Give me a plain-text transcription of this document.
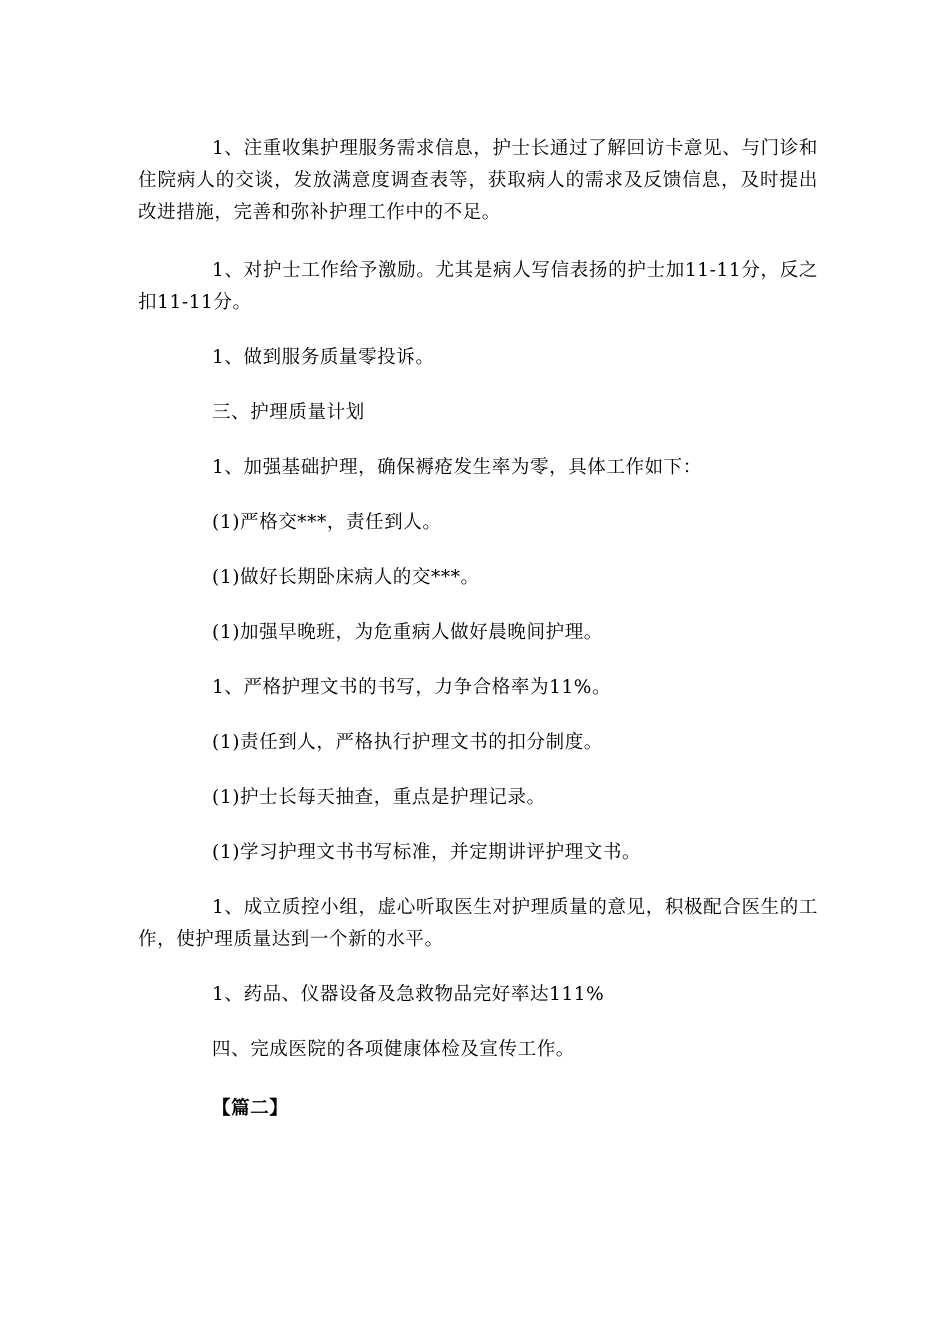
1、注重收集护理服务需求信息，护士长通过了解回访卡意见、与门诊和住院病人的交谈，发放满意度调查表等，获取病人的需求及反馈信息，及时提出改进措施，完善和弥补护理工作中的不足。

1、对护士工作给予激励。尤其是病人写信表扬的护士加11-11分，反之扣11-11分。

1、做到服务质量零投诉。

三、护理质量计划

1、加强基础护理，确保褥疮发生率为零，具体工作如下：

(1)严格交***，责任到人。

(1)做好长期卧床病人的交***。

(1)加强早晚班，为危重病人做好晨晚间护理。

1、严格护理文书的书写，力争合格率为11%。

(1)责任到人，严格执行护理文书的扣分制度。

(1)护士长每天抽查，重点是护理记录。

(1)学习护理文书书写标准，并定期讲评护理文书。

1、成立质控小组，虚心听取医生对护理质量的意见，积极配合医生的工作，使护理质量达到一个新的水平。

1、药品、仪器设备及急救物品完好率达111%

四、完成医院的各项健康体检及宣传工作。

【篇二】
